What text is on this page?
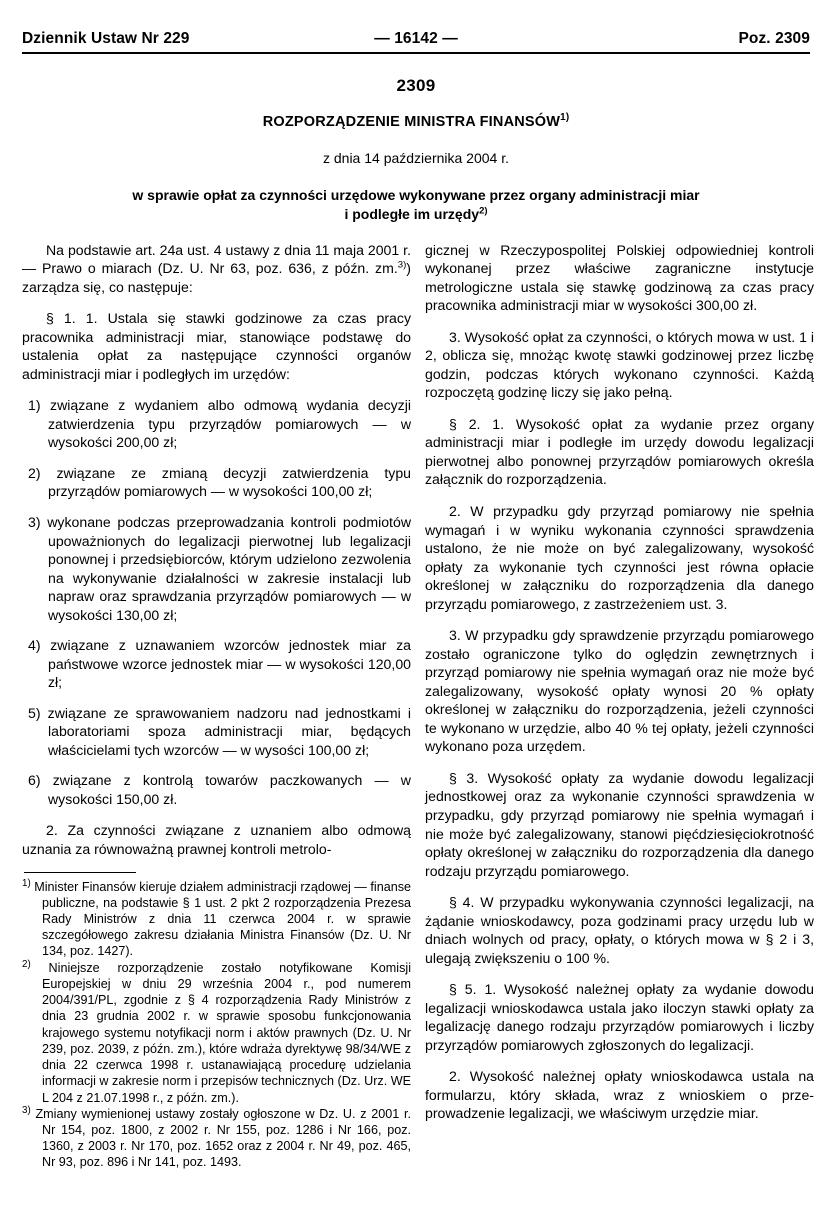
Dziennik Ustaw Nr 229	— 16142 —	Poz. 2309
2309
ROZPORZĄDZENIE MINISTRA FINANSÓW$^{1)}$
z dnia 14 października 2004 r.
w sprawie opłat za czynności urzędowe wykonywane przez organy administracji miar
i podległe im urzędy$^{2)}$

Na podstawie art. 24a ust. 4 ustawy z dnia 11 maja 2001 r. — Prawo o miarach (Dz. U. Nr 63, poz. 636, z późn. zm.$^{3)}$) zarządza się, co następuje:

§ 1. 1. Ustala się stawki godzinowe za czas pracy pracownika administracji miar, stanowiące podstawę do ustalenia opłat za następujące czynności organów administracji miar i podległych im urzędów:

1) związane z wydaniem albo odmową wydania decyzji zatwierdzenia typu przyrządów pomiarowych — w wysokości 200,00 zł;
2) związane ze zmianą decyzji zatwierdzenia typu przyrządów pomiarowych — w wysokości 100,00 zł;
3) wykonane podczas przeprowadzania kontroli podmiotów upoważnionych do legalizacji pierwotnej lub legalizacji ponownej i przedsiębiorców, którym udzielono zezwolenia na wykonywanie działalności w zakresie instalacji lub napraw oraz sprawdzania przyrządów pomiarowych — w wysokości 130,00 zł;
4) związane z uznawaniem wzorców jednostek miar za państwowe wzorce jednostek miar — w wysokości 120,00 zł;
5) związane ze sprawowaniem nadzoru nad jednostkami i laboratoriami spoza administracji miar, będących właścicielami tych wzorców — w wysości 100,00 zł;
6) związane z kontrolą towarów paczkowanych — w wysokości 150,00 zł.

2. Za czynności związane z uznaniem albo odmową uznania za równoważną prawnej kontroli metrolo-

$^{1)}$ Minister Finansów kieruje działem administracji rządowej — finanse publiczne, na podstawie § 1 ust. 2 pkt 2 rozporządzenia Prezesa Rady Ministrów z dnia 11 czerwca 2004 r. w sprawie szczegółowego zakresu działania Ministra Finansów (Dz. U. Nr 134, poz. 1427).

$^{2)}$ Niniejsze rozporządzenie zostało notyfikowane Komisji Europejskiej w dniu 29 września 2004 r., pod numerem 2004/391/PL, zgodnie z § 4 rozporządzenia Rady Ministrów z dnia 23 grudnia 2002 r. w sprawie sposobu funkcjonowania krajowego systemu notyfikacji norm i aktów prawnych (Dz. U. Nr 239, poz. 2039, z późn. zm.), które wdraża dyrektywę 98/34/WE z dnia 22 czerwca 1998 r. ustanawiającą procedurę udzielania informacji w zakresie norm i przepisów technicznych (Dz. Urz. WE L 204 z 21.07.1998 r., z późn. zm.).

$^{3)}$ Zmiany wymienionej ustawy zostały ogłoszone w Dz. U. z 2001 r. Nr 154, poz. 1800, z 2002 r. Nr 155, poz. 1286 i Nr 166, poz. 1360, z 2003 r. Nr 170, poz. 1652 oraz z 2004 r. Nr 49, poz. 465, Nr 93, poz. 896 i Nr 141, poz. 1493.

gicznej w Rzeczypospolitej Polskiej odpowiedniej kontroli wykonanej przez właściwe zagraniczne instytucje metrologiczne ustala się stawkę godzinową za czas pracy pracownika administracji miar w wysokości 300,00 zł.

3. Wysokość opłat za czynności, o których mowa w ust. 1 i 2, oblicza się, mnożąc kwotę stawki godzinowej przez liczbę godzin, podczas których wykonano czynności. Każdą rozpoczętą godzinę liczy się jako pełną.

§ 2. 1. Wysokość opłat za wydanie przez organy administracji miar i podległe im urzędy dowodu legalizacji pierwotnej albo ponownej przyrządów pomiarowych określa załącznik do rozporządzenia.

2. W przypadku gdy przyrząd pomiarowy nie spełnia wymagań i w wyniku wykonania czynności sprawdzenia ustalono, że nie może on być zalegalizowany, wysokość opłaty za wykonanie tych czynności jest równa opłacie określonej w załączniku do rozporządzenia dla danego przyrządu pomiarowego, z zastrzeżeniem ust. 3.

3. W przypadku gdy sprawdzenie przyrządu pomiarowego zostało ograniczone tylko do oględzin zewnętrznych i przyrząd pomiarowy nie spełnia wymagań oraz nie może być zalegalizowany, wysokość opłaty wynosi 20 % opłaty określonej w załączniku do rozporządzenia, jeżeli czynności te wykonano w urzędzie, albo 40 % tej opłaty, jeżeli czynności wykonano poza urzędem.

§ 3. Wysokość opłaty za wydanie dowodu legalizacji jednostkowej oraz za wykonanie czynności sprawdzenia w przypadku, gdy przyrząd pomiarowy nie spełnia wymagań i nie może być zalegalizowany, stanowi pięćdziesięciokrotność opłaty określonej w załączniku do rozporządzenia dla danego rodzaju przyrządu pomiarowego.

§ 4. W przypadku wykonywania czynności legalizacji, na żądanie wnioskodawcy, poza godzinami pracy urzędu lub w dniach wolnych od pracy, opłaty, o których mowa w § 2 i 3, ulegają zwiększeniu o 100 %.

§ 5. 1. Wysokość należnej opłaty za wydanie dowodu legalizacji wnioskodawca ustala jako iloczyn stawki opłaty za legalizację danego rodzaju przyrządów pomiarowych i liczby przyrządów pomiarowych zgłoszonych do legalizacji.

2. Wysokość należnej opłaty wnioskodawca ustala na formularzu, który składa, wraz z wnioskiem o przeprowadzenie legalizacji, we właściwym urzędzie miar.
